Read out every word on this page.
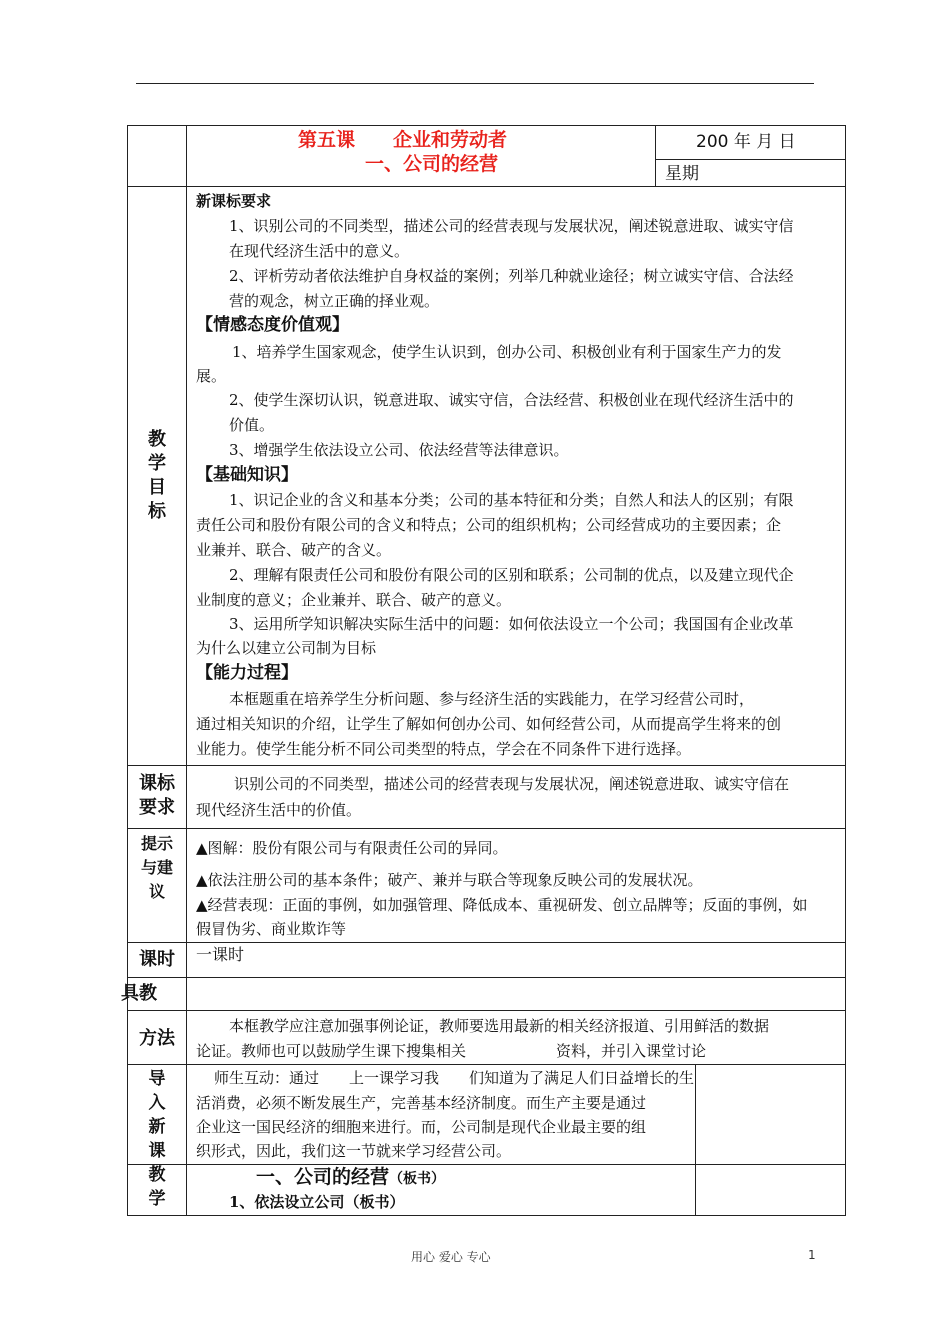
第五课　　企业和劳动者
一、公司的经营
200 年 月 日
星期
教
学
目
标
新课标要求
1、识别公司的不同类型，描述公司的经营表现与发展状况，阐述锐意进取、诚实守信
在现代经济生活中的意义。
2、评析劳动者依法维护自身权益的案例；列举几种就业途径；树立诚实守信、合法经
营的观念，树立正确的择业观。
【情感态度价值观】
1、培养学生国家观念，使学生认识到，创办公司、积极创业有利于国家生产力的发
展。
2、使学生深切认识，锐意进取、诚实守信，合法经营、积极创业在现代经济生活中的
价值。
3、增强学生依法设立公司、依法经营等法律意识。
【基础知识】
1、识记企业的含义和基本分类；公司的基本特征和分类；自然人和法人的区别；有限
责任公司和股份有限公司的含义和特点；公司的组织机构；公司经营成功的主要因素；企
业兼并、联合、破产的含义。
2、理解有限责任公司和股份有限公司的区别和联系；公司制的优点，以及建立现代企
业制度的意义；企业兼并、联合、破产的意义。
3、运用所学知识解决实际生活中的问题：如何依法设立一个公司；我国国有企业改革
为什么以建立公司制为目标
【能力过程】
本框题重在培养学生分析问题、参与经济生活的实践能力，在学习经营公司时，
通过相关知识的介绍，让学生了解如何创办公司、如何经营公司，从而提高学生将来的创
业能力。使学生能分析不同公司类型的特点，学会在不同条件下进行选择。
课标
要求
识别公司的不同类型，描述公司的经营表现与发展状况，阐述锐意进取、诚实守信在
现代经济生活中的价值。
提示
与建
议
▲图解：股份有限公司与有限责任公司的异同。
▲依法注册公司的基本条件；破产、兼并与联合等现象反映公司的发展状况。
▲经营表现：正面的事例，如加强管理、降低成本、重视研发、创立品牌等；反面的事例，如
假冒伪劣、商业欺诈等
课时	一课时
具教
方法
本框教学应注意加强事例论证，教师要选用最新的相关经济报道、引用鲜活的数据
论证。教师也可以鼓励学生课下搜集相关　　　　　　资料，并引入课堂讨论
导
入
新
课
师生互动：通过　　上一课学习我　　们知道为了满足人们日益增长的生
活消费，必须不断发展生产，完善基本经济制度。而生产主要是通过
企业这一国民经济的细胞来进行。而，公司制是现代企业最主要的组
织形式，因此，我们这一节就来学习经营公司。
教
学
一、公司的经营（板书）
1、依法设立公司（板书）
用心 爱心 专心	1
